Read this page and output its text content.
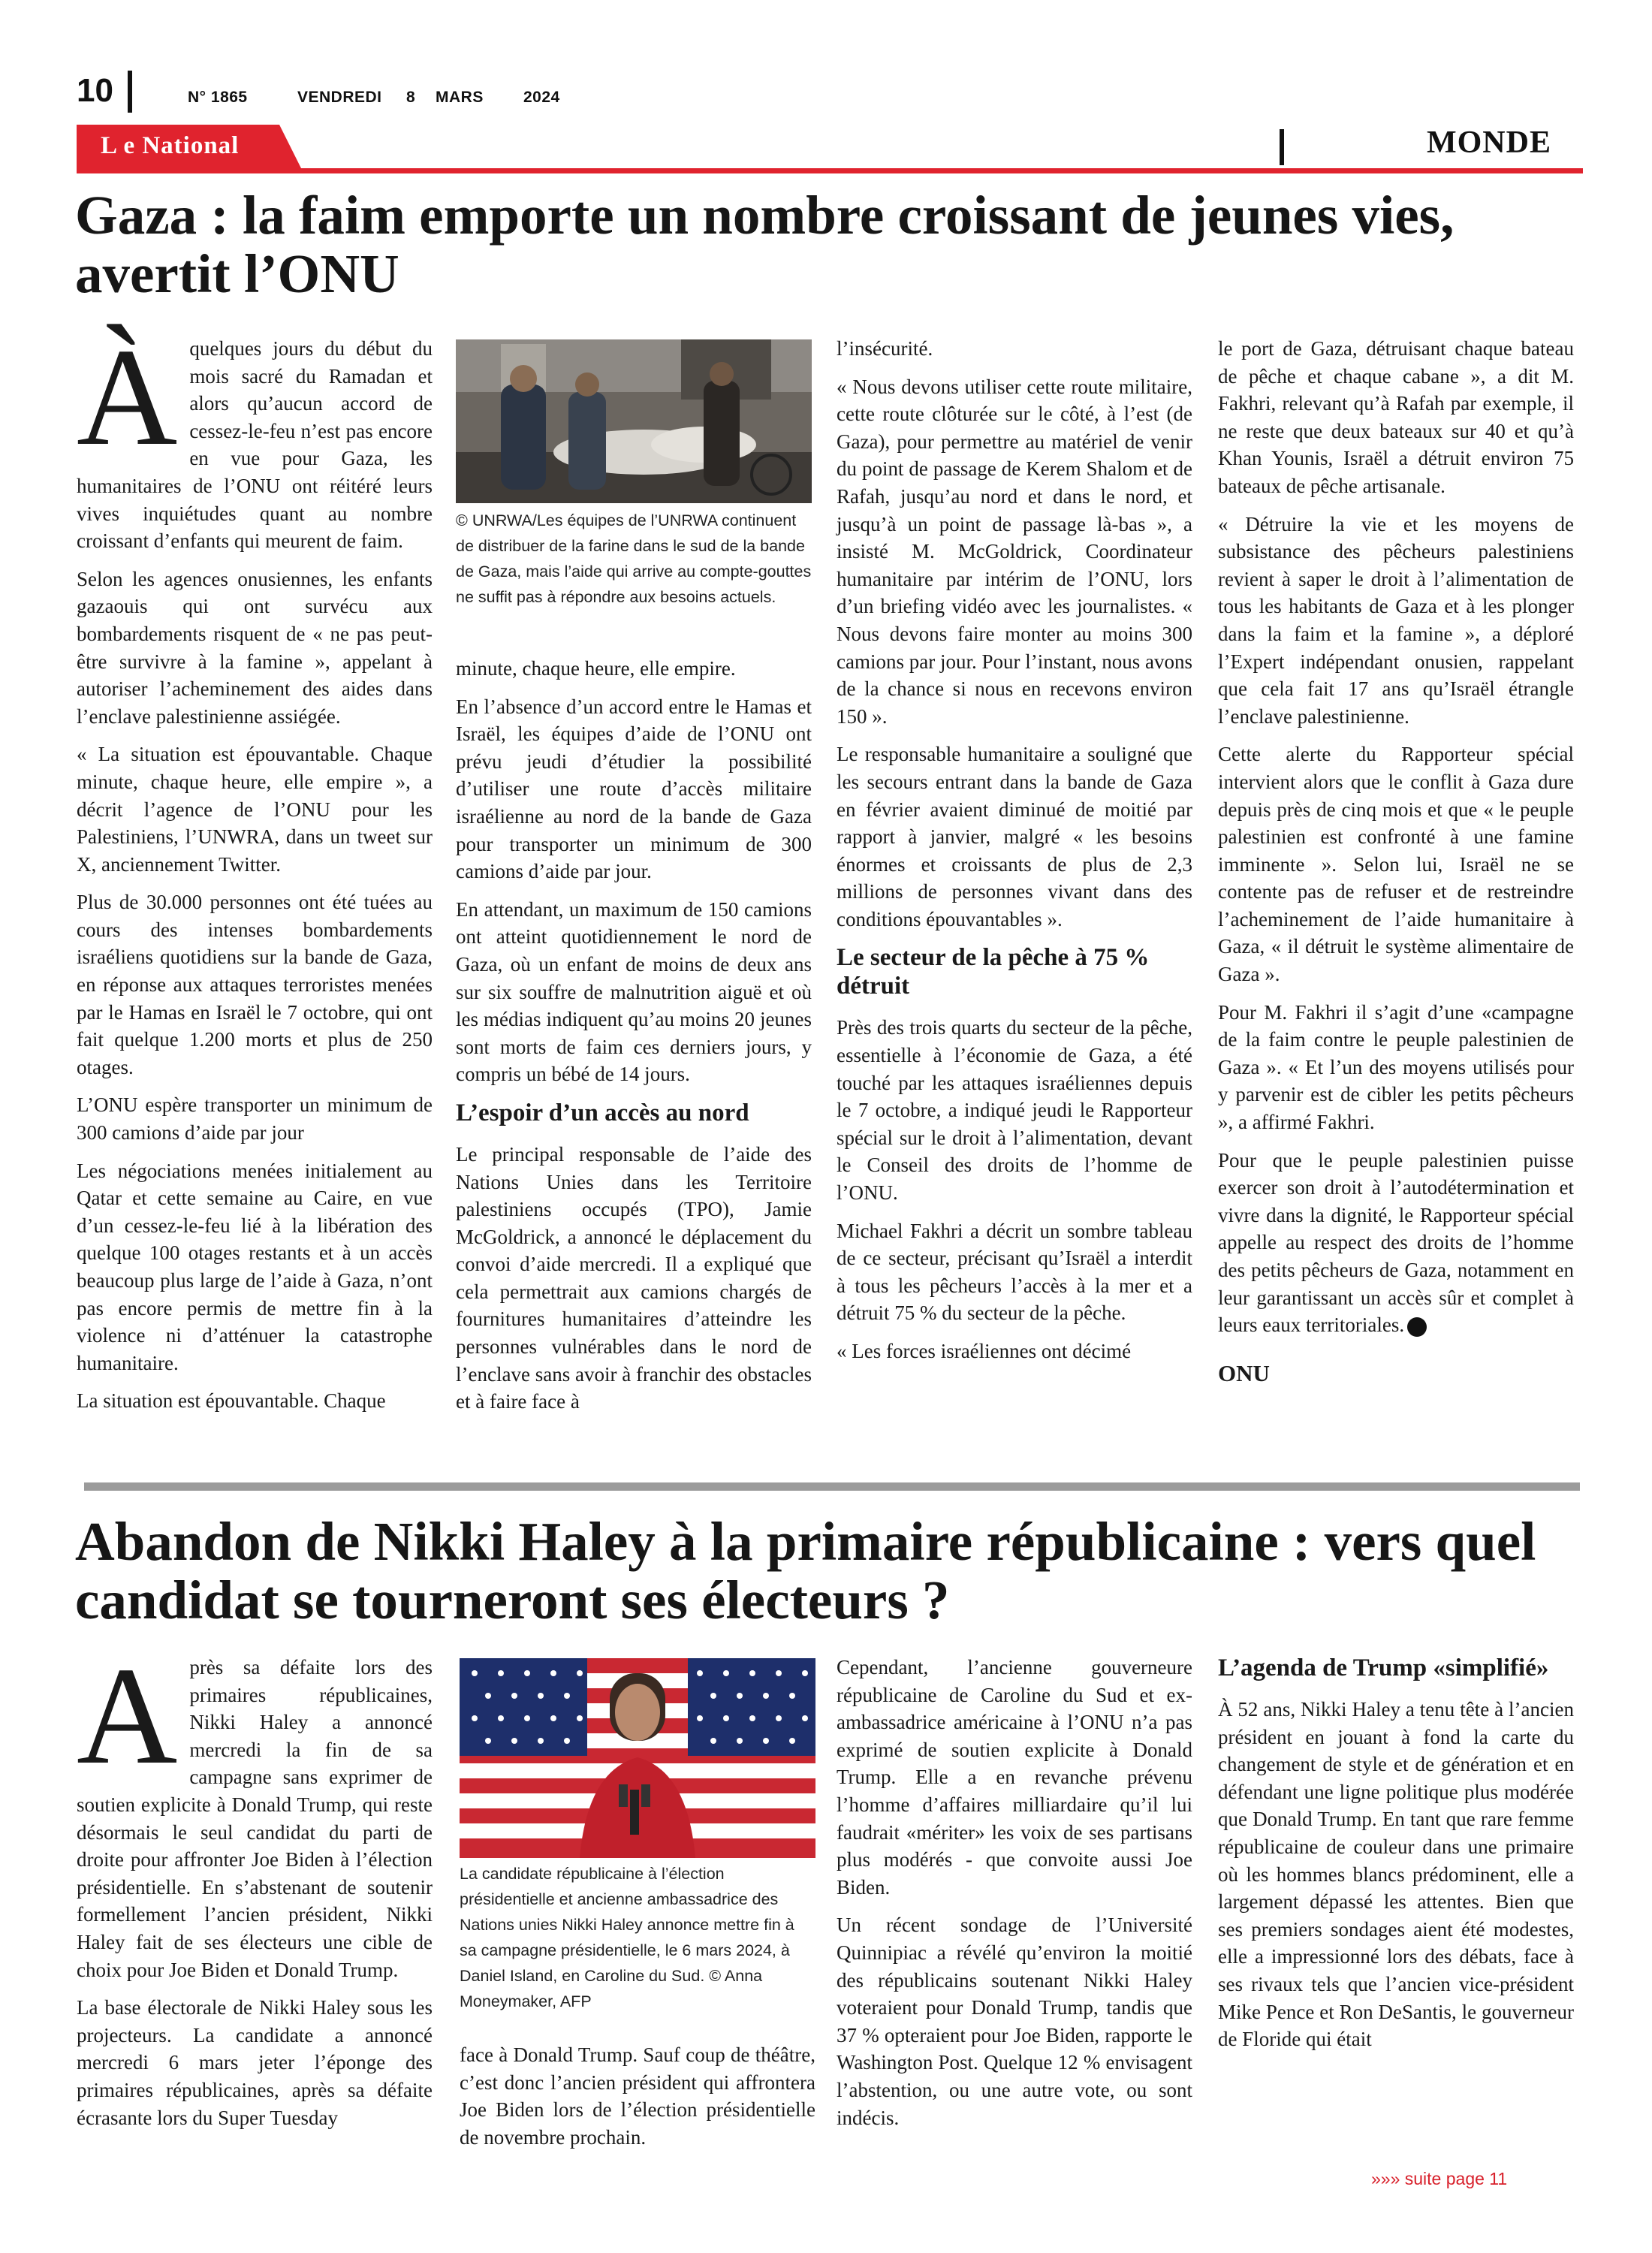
10	N° 1865	VENDREDI 8 MARS	2024
L e National	MONDE
Gaza : la faim emporte un nombre croissant de jeunes vies, avertit l’ONU
À quelques jours du début du mois sacré du Ramadan et alors qu’aucun accord de cessez-le-feu n’est pas encore en vue pour Gaza, les humanitaires de l’ONU ont réitéré leurs vives inquiétudes quant au nombre croissant d’enfants qui meurent de faim.

Selon les agences onusiennes, les enfants gazaouis qui ont survécu aux bombardements risquent de « ne pas peut-être survivre à la famine », appelant à autoriser l’acheminement des aides dans l’enclave palestinienne assiégée.

« La situation est épouvantable. Chaque minute, chaque heure, elle empire », a décrit l’agence de l’ONU pour les Palestiniens, l’UNWRA, dans un tweet sur X, anciennement Twitter.

Plus de 30.000 personnes ont été tuées au cours des intenses bombardements israéliens quotidiens sur la bande de Gaza, en réponse aux attaques terroristes menées par le Hamas en Israël le 7 octobre, qui ont fait quelque 1.200 morts et plus de 250 otages.

L’ONU espère transporter un minimum de 300 camions d’aide par jour

Les négociations menées initialement au Qatar et cette semaine au Caire, en vue d’un cessez-le-feu lié à la libération des quelque 100 otages restants et à un accès beaucoup plus large de l’aide à Gaza, n’ont pas encore permis de mettre fin à la violence ni d’atténuer la catastrophe humanitaire.

La situation est épouvantable. Chaque

© UNRWA/Les équipes de l’UNRWA continuent de distribuer de la farine dans le sud de la bande de Gaza, mais l’aide qui arrive au compte-gouttes ne suffit pas à répondre aux besoins actuels.

minute, chaque heure, elle empire.

En l’absence d’un accord entre le Hamas et Israël, les équipes d’aide de l’ONU ont prévu jeudi d’étudier la possibilité d’utiliser une route d’accès militaire israélienne au nord de la bande de Gaza pour transporter un minimum de 300 camions d’aide par jour.

En attendant, un maximum de 150 camions ont atteint quotidiennement le nord de Gaza, où un enfant de moins de deux ans sur six souffre de malnutrition aiguë et où les médias indiquent qu’au moins 20 jeunes sont morts de faim ces derniers jours, y compris un bébé de 14 jours.

L’espoir d’un accès au nord

Le principal responsable de l’aide des Nations Unies dans les Territoire palestiniens occupés (TPO), Jamie McGoldrick, a annoncé le déplacement du convoi d’aide mercredi. Il a expliqué que cela permettrait aux camions chargés de fournitures humanitaires d’atteindre les personnes vulnérables dans le nord de l’enclave sans avoir à franchir des obstacles et à faire face à

l’insécurité.

« Nous devons utiliser cette route militaire, cette route clôturée sur le côté, à l’est (de Gaza), pour permettre au matériel de venir du point de passage de Kerem Shalom et de Rafah, jusqu’au nord et dans le nord, et jusqu’à un point de passage là-bas », a insisté M. McGoldrick, Coordinateur humanitaire par intérim de l’ONU, lors d’un briefing vidéo avec les journalistes. « Nous devons faire monter au moins 300 camions par jour. Pour l’instant, nous avons de la chance si nous en recevons environ 150 ».

Le responsable humanitaire a souligné que les secours entrant dans la bande de Gaza en février avaient diminué de moitié par rapport à janvier, malgré « les besoins énormes et croissants de plus de 2,3 millions de personnes vivant dans des conditions épouvantables ».

Le secteur de la pêche à 75 % détruit

Près des trois quarts du secteur de la pêche, essentielle à l’économie de Gaza, a été touché par les attaques israéliennes depuis le 7 octobre, a indiqué jeudi le Rapporteur spécial sur le droit à l’alimentation, devant le Conseil des droits de l’homme de l’ONU.

Michael Fakhri a décrit un sombre tableau de ce secteur, précisant qu’Israël a interdit à tous les pêcheurs l’accès à la mer et a détruit 75 % du secteur de la pêche.

« Les forces israéliennes ont décimé

le port de Gaza, détruisant chaque bateau de pêche et chaque cabane », a dit M. Fakhri, relevant qu’à Rafah par exemple, il ne reste que deux bateaux sur 40 et qu’à Khan Younis, Israël a détruit environ 75 bateaux de pêche artisanale.

« Détruire la vie et les moyens de subsistance des pêcheurs palestiniens revient à saper le droit à l’alimentation de tous les habitants de Gaza et à les plonger dans la faim et la famine », a déploré l’Expert indépendant onusien, rappelant que cela fait 17 ans qu’Israël étrangle l’enclave palestinienne.

Cette alerte du Rapporteur spécial intervient alors que le conflit à Gaza dure depuis près de cinq mois et que « le peuple palestinien est confronté à une famine imminente ». Selon lui, Israël ne se contente pas de refuser et de restreindre l’acheminement de l’aide humanitaire à Gaza, « il détruit le système alimentaire de Gaza ».

Pour M. Fakhri il s’agit d’une «campagne de la faim contre le peuple palestinien de Gaza ». « Et l’un des moyens utilisés pour y parvenir est de cibler les petits pêcheurs », a affirmé Fakhri.

Pour que le peuple palestinien puisse exercer son droit à l’autodétermination et vivre dans la dignité, le Rapporteur spécial appelle au respect des droits de l’homme des petits pêcheurs de Gaza, notamment en leur garantissant un accès sûr et complet à leurs eaux territoriales.

ONU

Abandon de Nikki Haley à la primaire républicaine : vers quel candidat se tourneront ses électeurs ?
A près sa défaite lors des primaires républicaines, Nikki Haley a annoncé mercredi la fin de sa campagne sans exprimer de soutien explicite à Donald Trump, qui reste désormais le seul candidat du parti de droite pour affronter Joe Biden à l’élection présidentielle. En s’abstenant de soutenir formellement l’ancien président, Nikki Haley fait de ses électeurs une cible de choix pour Joe Biden et Donald Trump.

La base électorale de Nikki Haley sous les projecteurs. La candidate a annoncé mercredi 6 mars jeter l’éponge des primaires républicaines, après sa défaite écrasante lors du Super Tuesday

La candidate républicaine à l’élection présidentielle et ancienne ambassadrice des Nations unies Nikki Haley annonce mettre fin à sa campagne présidentielle, le 6 mars 2024, à Daniel Island, en Caroline du Sud. © Anna Moneymaker, AFP

face à Donald Trump. Sauf coup de théâtre, c’est donc l’ancien président qui affrontera Joe Biden lors de l’élection présidentielle de novembre prochain.

Cependant, l’ancienne gouverneure républicaine de Caroline du Sud et ex-ambassadrice américaine à l’ONU n’a pas exprimé de soutien explicite à Donald Trump. Elle a en revanche prévenu l’homme d’affaires milliardaire qu’il lui faudrait «mériter» les voix de ses partisans plus modérés - que convoite aussi Joe Biden.

Un récent sondage de l’Université Quinnipiac a révélé qu’environ la moitié des républicains soutenant Nikki Haley voteraient pour Donald Trump, tandis que 37 % opteraient pour Joe Biden, rapporte le Washington Post. Quelque 12 % envisagent l’abstention, ou une autre vote, ou sont indécis.

L’agenda de Trump «simplifié»

À 52 ans, Nikki Haley a tenu tête à l’ancien président en jouant à fond la carte du changement de style et de génération et en défendant une ligne politique plus modérée que Donald Trump. En tant que rare femme républicaine de couleur dans une primaire où les hommes blancs prédominent, elle a largement dépassé les attentes. Bien que ses premiers sondages aient été modestes, elle a impressionné lors des débats, face à ses rivaux tels que l’ancien vice-président Mike Pence et Ron DeSantis, le gouverneur de Floride qui était

»»» suite page 11
